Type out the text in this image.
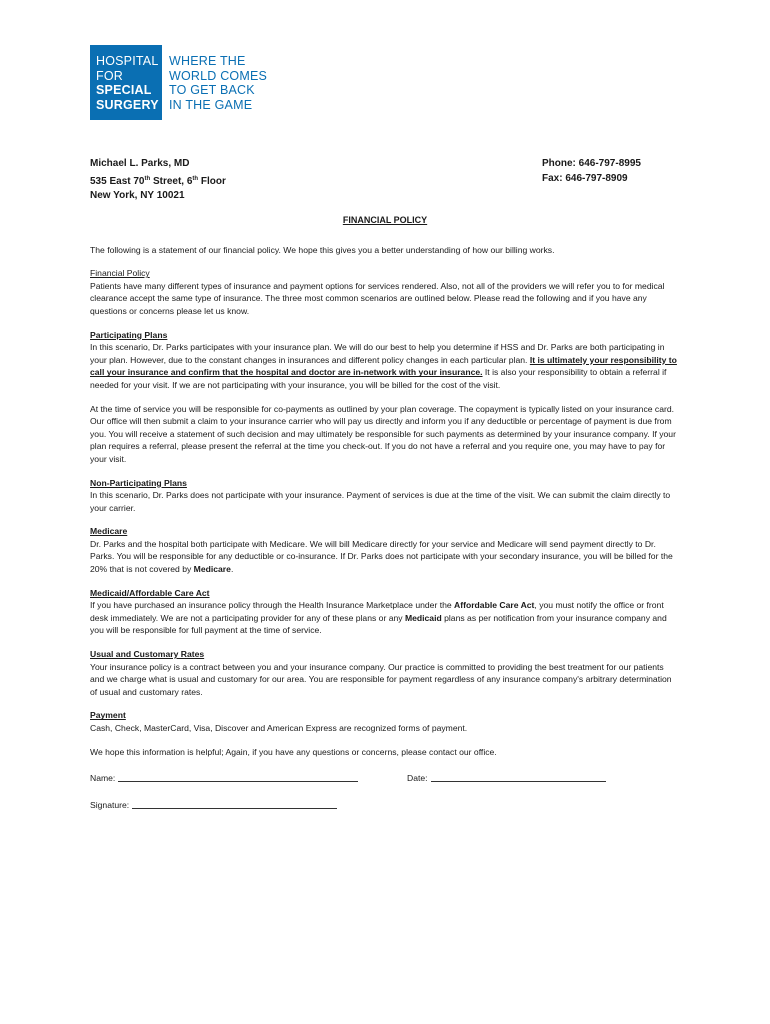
HOSPITAL
FOR
SPECIAL
SURGERY
WHERE THE
WORLD COMES
TO GET BACK
IN THE GAME
Michael L. Parks, MD
535 East 70th Street, 6th Floor
New York, NY 10021
Phone: 646-797-8995
Fax: 646-797-8909

FINANCIAL POLICY

The following is a statement of our financial policy. We hope this gives you a better understanding of how our billing works.

Financial Policy

Patients have many different types of insurance and payment options for services rendered. Also, not all of the providers we will refer you to for medical clearance accept the same type of insurance. The three most common scenarios are outlined below. Please read the following and if you have any questions or concerns please let us know.

Participating Plans

In this scenario, Dr. Parks participates with your insurance plan. We will do our best to help you determine if HSS and Dr. Parks are both participating in your plan. However, due to the constant changes in insurances and different policy changes in each particular plan. It is ultimately your responsibility to call your insurance and confirm that the hospital and doctor are in-network with your insurance. It is also your responsibility to obtain a referral if needed for your visit. If we are not participating with your insurance, you will be billed for the cost of the visit.

At the time of service you will be responsible for co-payments as outlined by your plan coverage. The copayment is typically listed on your insurance card. Our office will then submit a claim to your insurance carrier who will pay us directly and inform you if any deductible or percentage of payment is due from you. You will receive a statement of such decision and may ultimately be responsible for such payments as determined by your insurance company. If your plan requires a referral, please present the referral at the time you check-out. If you do not have a referral and you require one, you may have to pay for your visit.

Non-Participating Plans

In this scenario, Dr. Parks does not participate with your insurance. Payment of services is due at the time of the visit. We can submit the claim directly to your carrier.

Medicare

Dr. Parks and the hospital both participate with Medicare. We will bill Medicare directly for your service and Medicare will send payment directly to Dr. Parks. You will be responsible for any deductible or co-insurance. If Dr. Parks does not participate with your secondary insurance, you will be billed for the 20% that is not covered by Medicare.

Medicaid/Affordable Care Act

If you have purchased an insurance policy through the Health Insurance Marketplace under the Affordable Care Act, you must notify the office or front desk immediately. We are not a participating provider for any of these plans or any Medicaid plans as per notification from your insurance company and you will be responsible for full payment at the time of service.

Usual and Customary Rates

Your insurance policy is a contract between you and your insurance company. Our practice is committed to providing the best treatment for our patients and we charge what is usual and customary for our area. You are responsible for payment regardless of any insurance company's arbitrary determination of usual and customary rates.

Payment

Cash, Check, MasterCard, Visa, Discover and American Express are recognized forms of payment.

We hope this information is helpful; Again, if you have any questions or concerns, please contact our office.

Name:	Date:
Signature:
